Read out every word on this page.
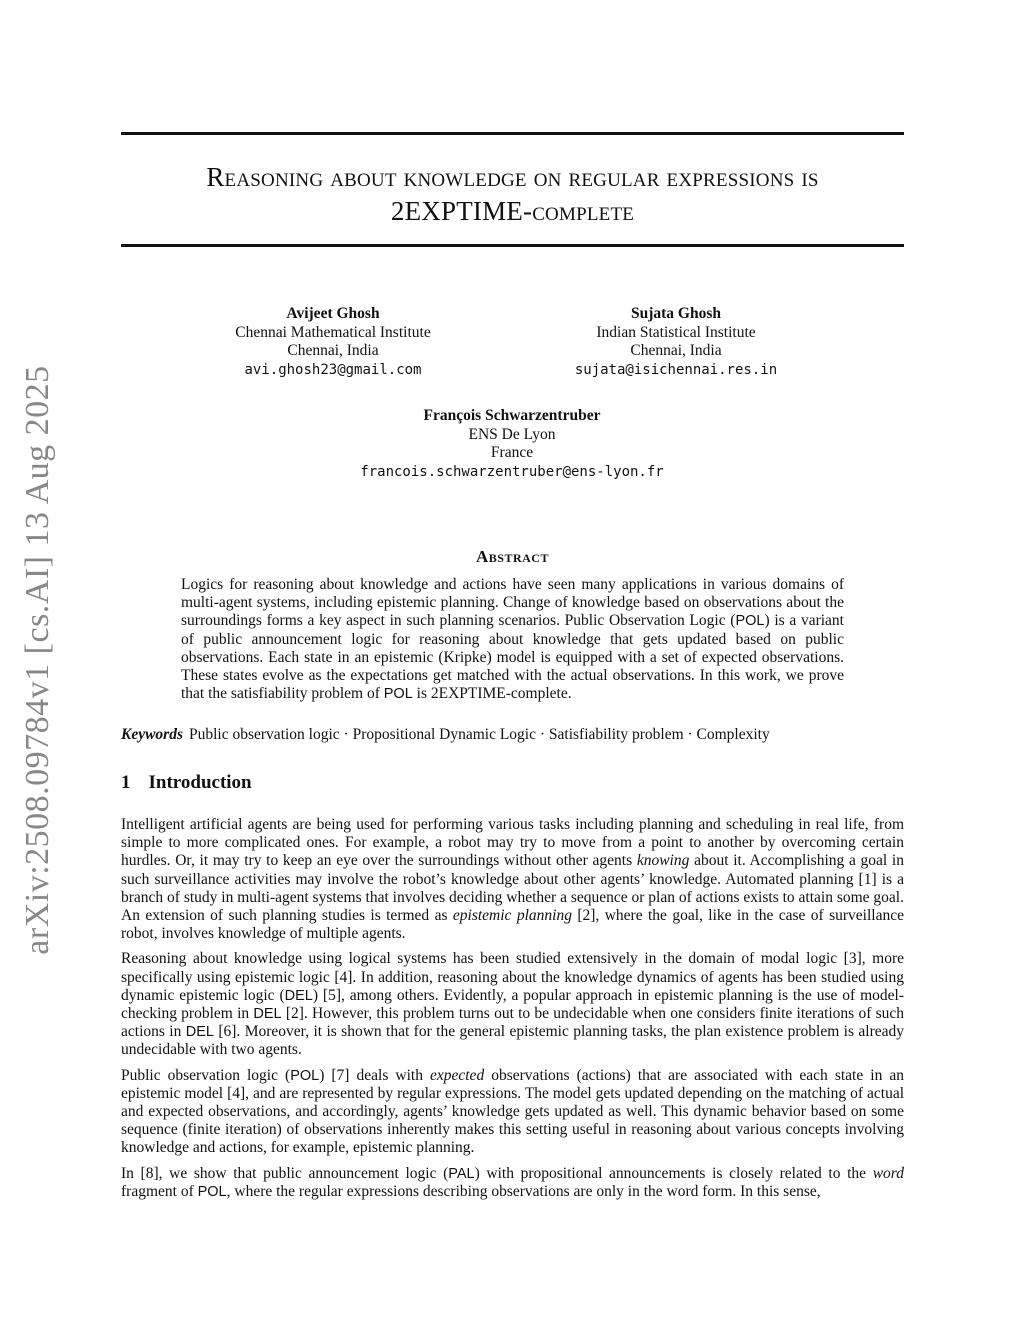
arXiv:2508.09784v1 [cs.AI] 13 Aug 2025
Reasoning about knowledge on regular expressions is
2EXPTIME-complete
Avijeet Ghosh
Chennai Mathematical Institute
Chennai, India
avi.ghosh23@gmail.com
Sujata Ghosh
Indian Statistical Institute
Chennai, India
sujata@isichennai.res.in
François Schwarzentruber
ENS De Lyon
France
francois.schwarzentruber@ens-lyon.fr
Abstract
Logics for reasoning about knowledge and actions have seen many applications in various domains of multi-agent systems, including epistemic planning. Change of knowledge based on observations about the surroundings forms a key aspect in such planning scenarios. Public Observation Logic (POL) is a variant of public announcement logic for reasoning about knowledge that gets updated based on public observations. Each state in an epistemic (Kripke) model is equipped with a set of expected observations. These states evolve as the expectations get matched with the actual observations. In this work, we prove that the satisfiability problem of POL is 2EXPTIME-complete.
Keywords Public observation logic · Propositional Dynamic Logic · Satisfiability problem · Complexity
1 Introduction

Intelligent artificial agents are being used for performing various tasks including planning and scheduling in real life, from simple to more complicated ones. For example, a robot may try to move from a point to another by overcoming certain hurdles. Or, it may try to keep an eye over the surroundings without other agents knowing about it. Accomplishing a goal in such surveillance activities may involve the robot’s knowledge about other agents’ knowledge. Automated planning [1] is a branch of study in multi-agent systems that involves deciding whether a sequence or plan of actions exists to attain some goal. An extension of such planning studies is termed as epistemic planning [2], where the goal, like in the case of surveillance robot, involves knowledge of multiple agents.

Reasoning about knowledge using logical systems has been studied extensively in the domain of modal logic [3], more specifically using epistemic logic [4]. In addition, reasoning about the knowledge dynamics of agents has been studied using dynamic epistemic logic (DEL) [5], among others. Evidently, a popular approach in epistemic planning is the use of model-checking problem in DEL [2]. However, this problem turns out to be undecidable when one considers finite iterations of such actions in DEL [6]. Moreover, it is shown that for the general epistemic planning tasks, the plan existence problem is already undecidable with two agents.

Public observation logic (POL) [7] deals with expected observations (actions) that are associated with each state in an epistemic model [4], and are represented by regular expressions. The model gets updated depending on the matching of actual and expected observations, and accordingly, agents’ knowledge gets updated as well. This dynamic behavior based on some sequence (finite iteration) of observations inherently makes this setting useful in reasoning about various concepts involving knowledge and actions, for example, epistemic planning.

In [8], we show that public announcement logic (PAL) with propositional announcements is closely related to the word fragment of POL, where the regular expressions describing observations are only in the word form. In this sense,
